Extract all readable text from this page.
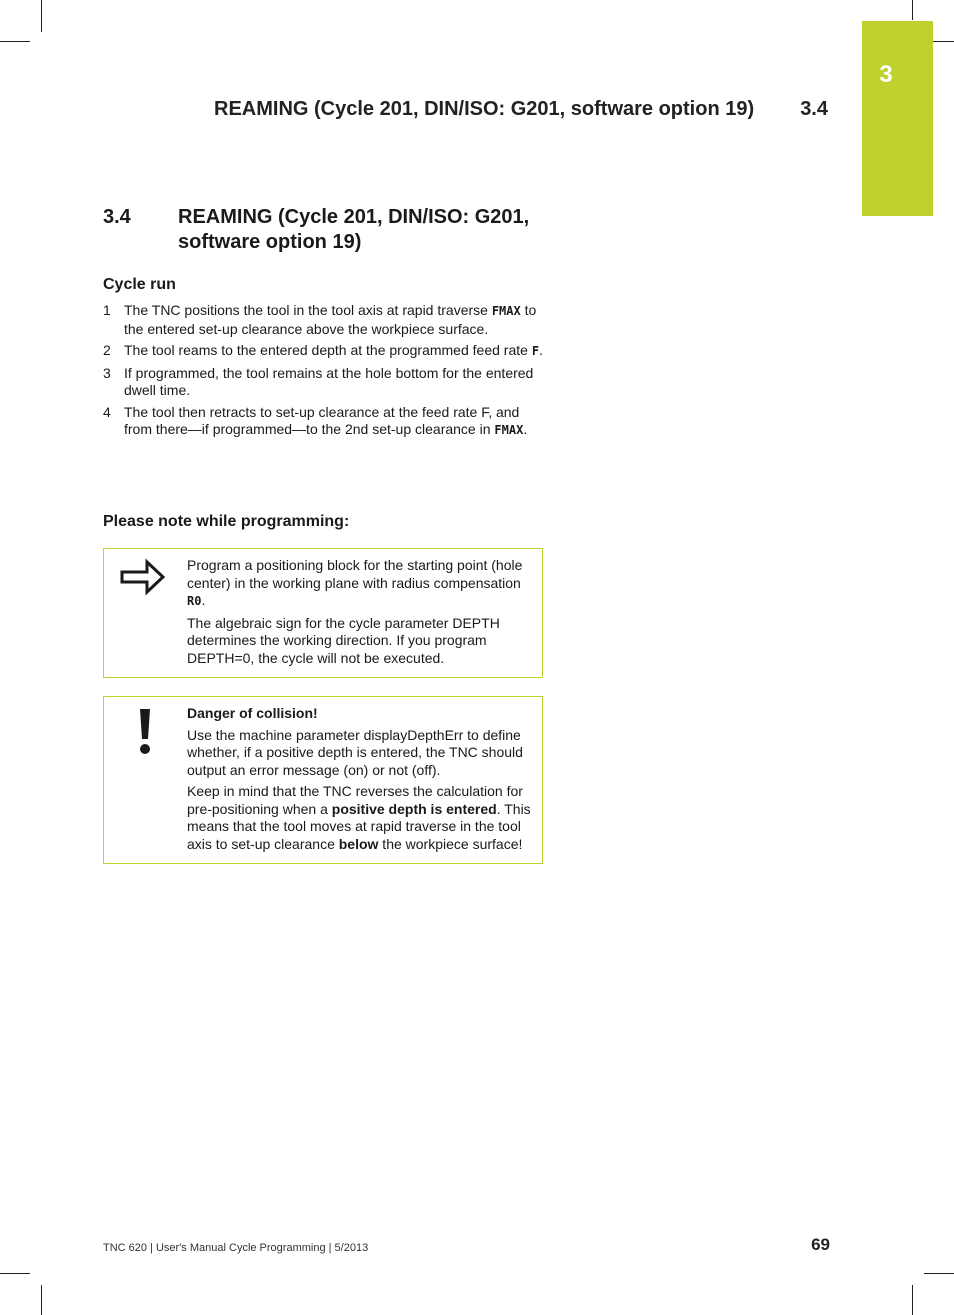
3
REAMING (Cycle 201, DIN/ISO: G201, software option 19) 3.4
3.4 REAMING (Cycle 201, DIN/ISO: G201, software option 19)
Cycle run
1 The TNC positions the tool in the tool axis at rapid traverse FMAX to the entered set-up clearance above the workpiece surface.
2 The tool reams to the entered depth at the programmed feed rate F.
3 If programmed, the tool remains at the hole bottom for the entered dwell time.
4 The tool then retracts to set-up clearance at the feed rate F, and from there—if programmed—to the 2nd set-up clearance in FMAX.
Please note while programming:

Program a positioning block for the starting point (hole center) in the working plane with radius compensation R0.

The algebraic sign for the cycle parameter DEPTH determines the working direction. If you program DEPTH=0, the cycle will not be executed.

Danger of collision!

Use the machine parameter displayDepthErr to define whether, if a positive depth is entered, the TNC should output an error message (on) or not (off).

Keep in mind that the TNC reverses the calculation for pre-positioning when a positive depth is entered. This means that the tool moves at rapid traverse in the tool axis to set-up clearance below the workpiece surface!

TNC 620 | User's Manual Cycle Programming | 5/2013	69
